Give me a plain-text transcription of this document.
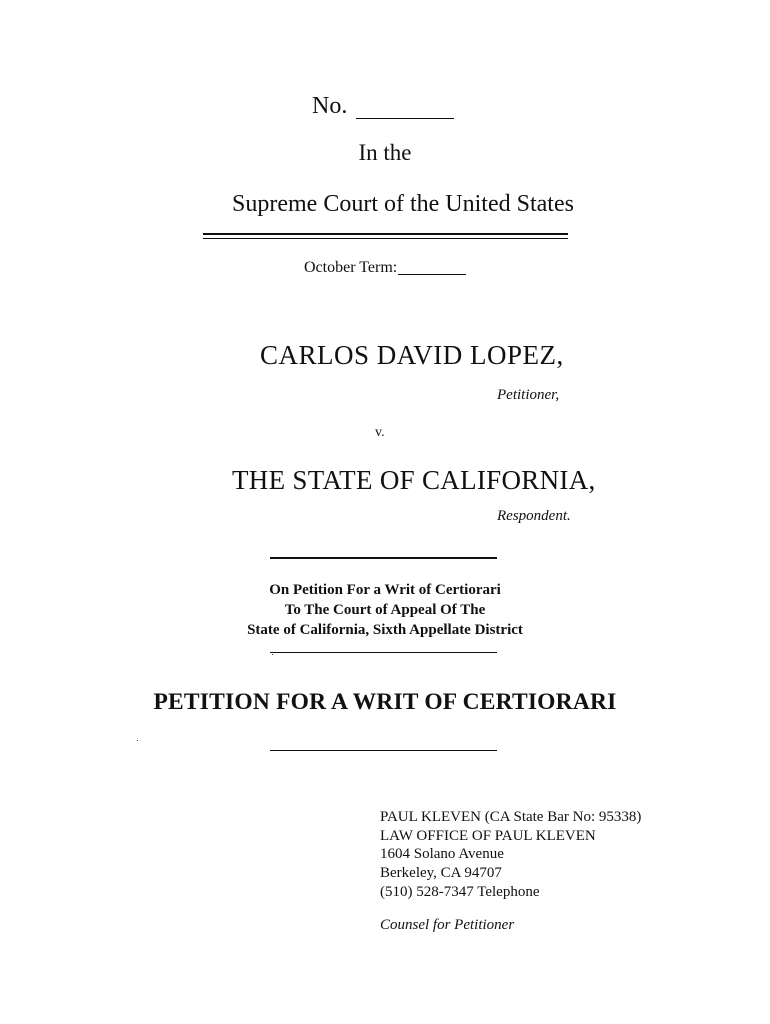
No.
In the
Supreme Court of the United States
October Term:
CARLOS DAVID LOPEZ,
Petitioner,
v.
THE STATE OF CALIFORNIA,
Respondent.
On Petition For a Writ of Certiorari
To The Court of Appeal Of The
State of California, Sixth Appellate District
PETITION FOR A WRIT OF CERTIORARI
PAUL KLEVEN (CA State Bar No: 95338)
LAW OFFICE OF PAUL KLEVEN
1604 Solano Avenue
Berkeley, CA 94707
(510) 528-7347 Telephone
Counsel for Petitioner
